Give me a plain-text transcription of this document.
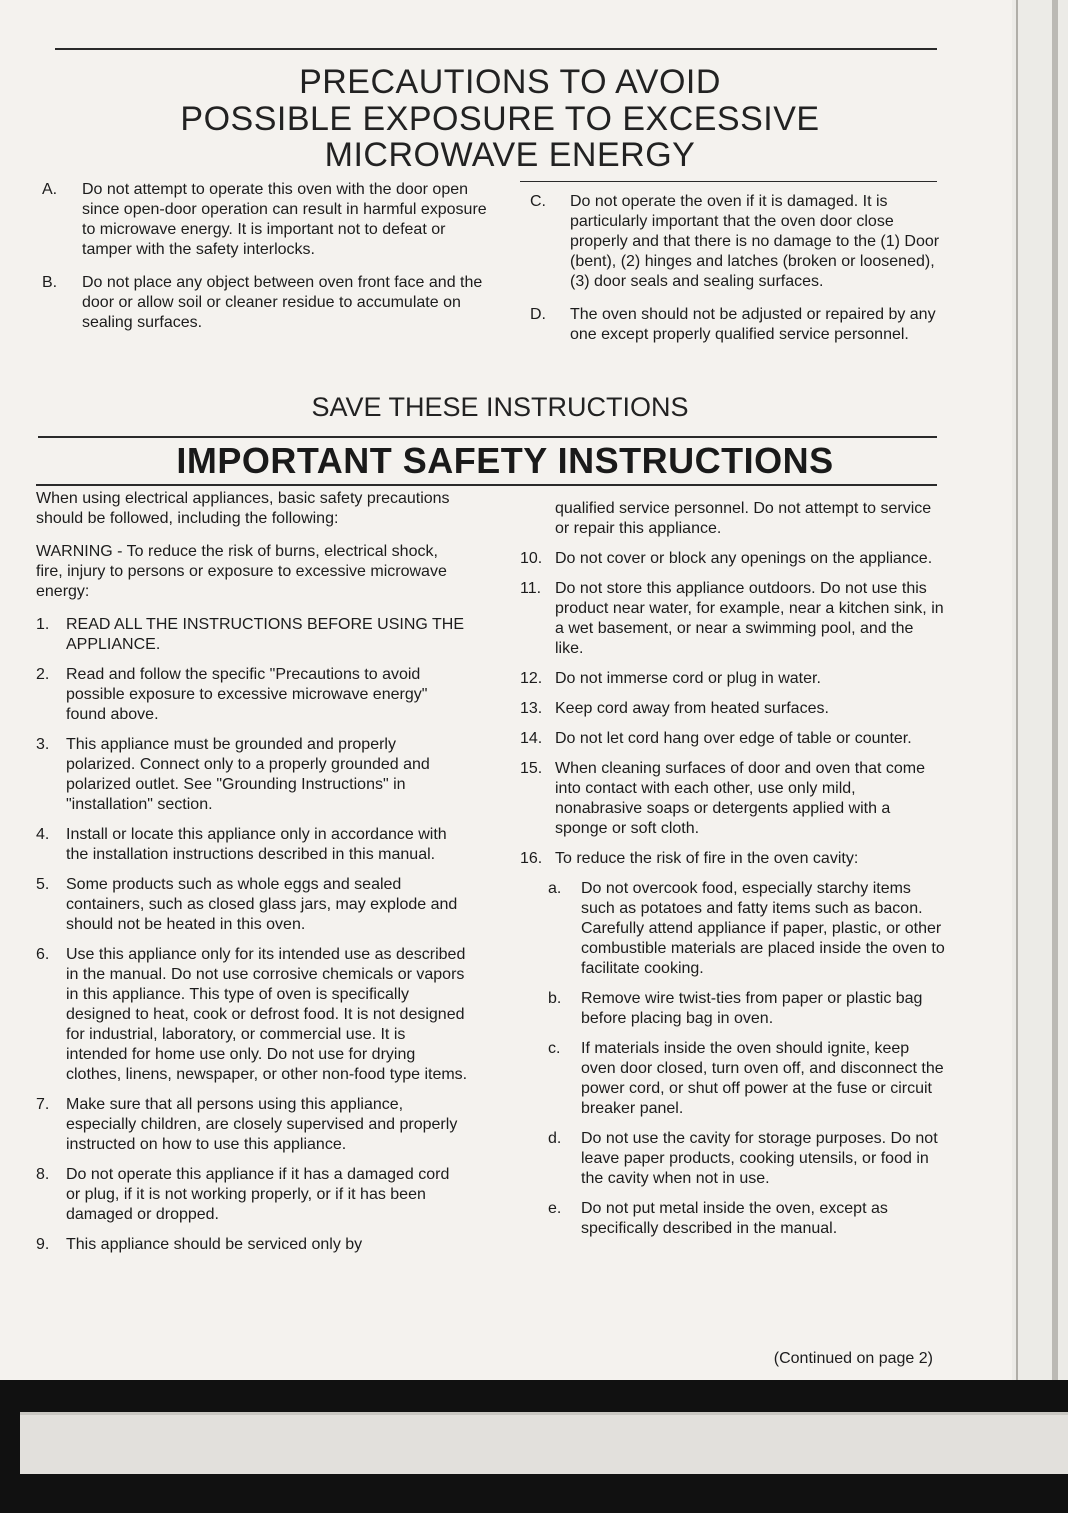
PRECAUTIONS TO AVOID
POSSIBLE EXPOSURE TO EXCESSIVE
MICROWAVE ENERGY
A. Do not attempt to operate this oven with the door open since open-door operation can result in harmful exposure to microwave energy. It is important not to defeat or tamper with the safety interlocks.
B. Do not place any object between oven front face and the door or allow soil or cleaner residue to accumulate on sealing surfaces.
C. Do not operate the oven if it is damaged. It is particularly important that the oven door close properly and that there is no damage to the (1) Door (bent), (2) hinges and latches (broken or loosened), (3) door seals and sealing surfaces.
D. The oven should not be adjusted or repaired by any one except properly qualified service personnel.
SAVE THESE INSTRUCTIONS
IMPORTANT SAFETY INSTRUCTIONS

When using electrical appliances, basic safety precautions should be followed, including the following:

WARNING - To reduce the risk of burns, electrical shock, fire, injury to persons or exposure to excessive microwave energy:

1. READ ALL THE INSTRUCTIONS BEFORE USING THE APPLIANCE.
2. Read and follow the specific "Precautions to avoid possible exposure to excessive microwave energy" found above.
3. This appliance must be grounded and properly polarized. Connect only to a properly grounded and polarized outlet. See "Grounding Instructions" in "installation" section.
4. Install or locate this appliance only in accordance with the installation instructions described in this manual.
5. Some products such as whole eggs and sealed containers, such as closed glass jars, may explode and should not be heated in this oven.
6. Use this appliance only for its intended use as described in the manual. Do not use corrosive chemicals or vapors in this appliance. This type of oven is specifically designed to heat, cook or defrost food. It is not designed for industrial, laboratory, or commercial use. It is intended for home use only. Do not use for drying clothes, linens, newspaper, or other non-food type items.
7. Make sure that all persons using this appliance, especially children, are closely supervised and properly instructed on how to use this appliance.
8. Do not operate this appliance if it has a damaged cord or plug, if it is not working properly, or if it has been damaged or dropped.
9. This appliance should be serviced only by

qualified service personnel. Do not attempt to service or repair this appliance.

10. Do not cover or block any openings on the appliance.
11. Do not store this appliance outdoors. Do not use this product near water, for example, near a kitchen sink, in a wet basement, or near a swimming pool, and the like.
12. Do not immerse cord or plug in water.
13. Keep cord away from heated surfaces.
14. Do not let cord hang over edge of table or counter.
15. When cleaning surfaces of door and oven that come into contact with each other, use only mild, nonabrasive soaps or detergents applied with a sponge or soft cloth.
16. To reduce the risk of fire in the oven cavity:
a. Do not overcook food, especially starchy items such as potatoes and fatty items such as bacon. Carefully attend appliance if paper, plastic, or other combustible materials are placed inside the oven to facilitate cooking.
b. Remove wire twist-ties from paper or plastic bag before placing bag in oven.
c. If materials inside the oven should ignite, keep oven door closed, turn oven off, and disconnect the power cord, or shut off power at the fuse or circuit breaker panel.
d. Do not use the cavity for storage purposes. Do not leave paper products, cooking utensils, or food in the cavity when not in use.
e. Do not put metal inside the oven, except as specifically described in the manual.
(Continued on page 2)
